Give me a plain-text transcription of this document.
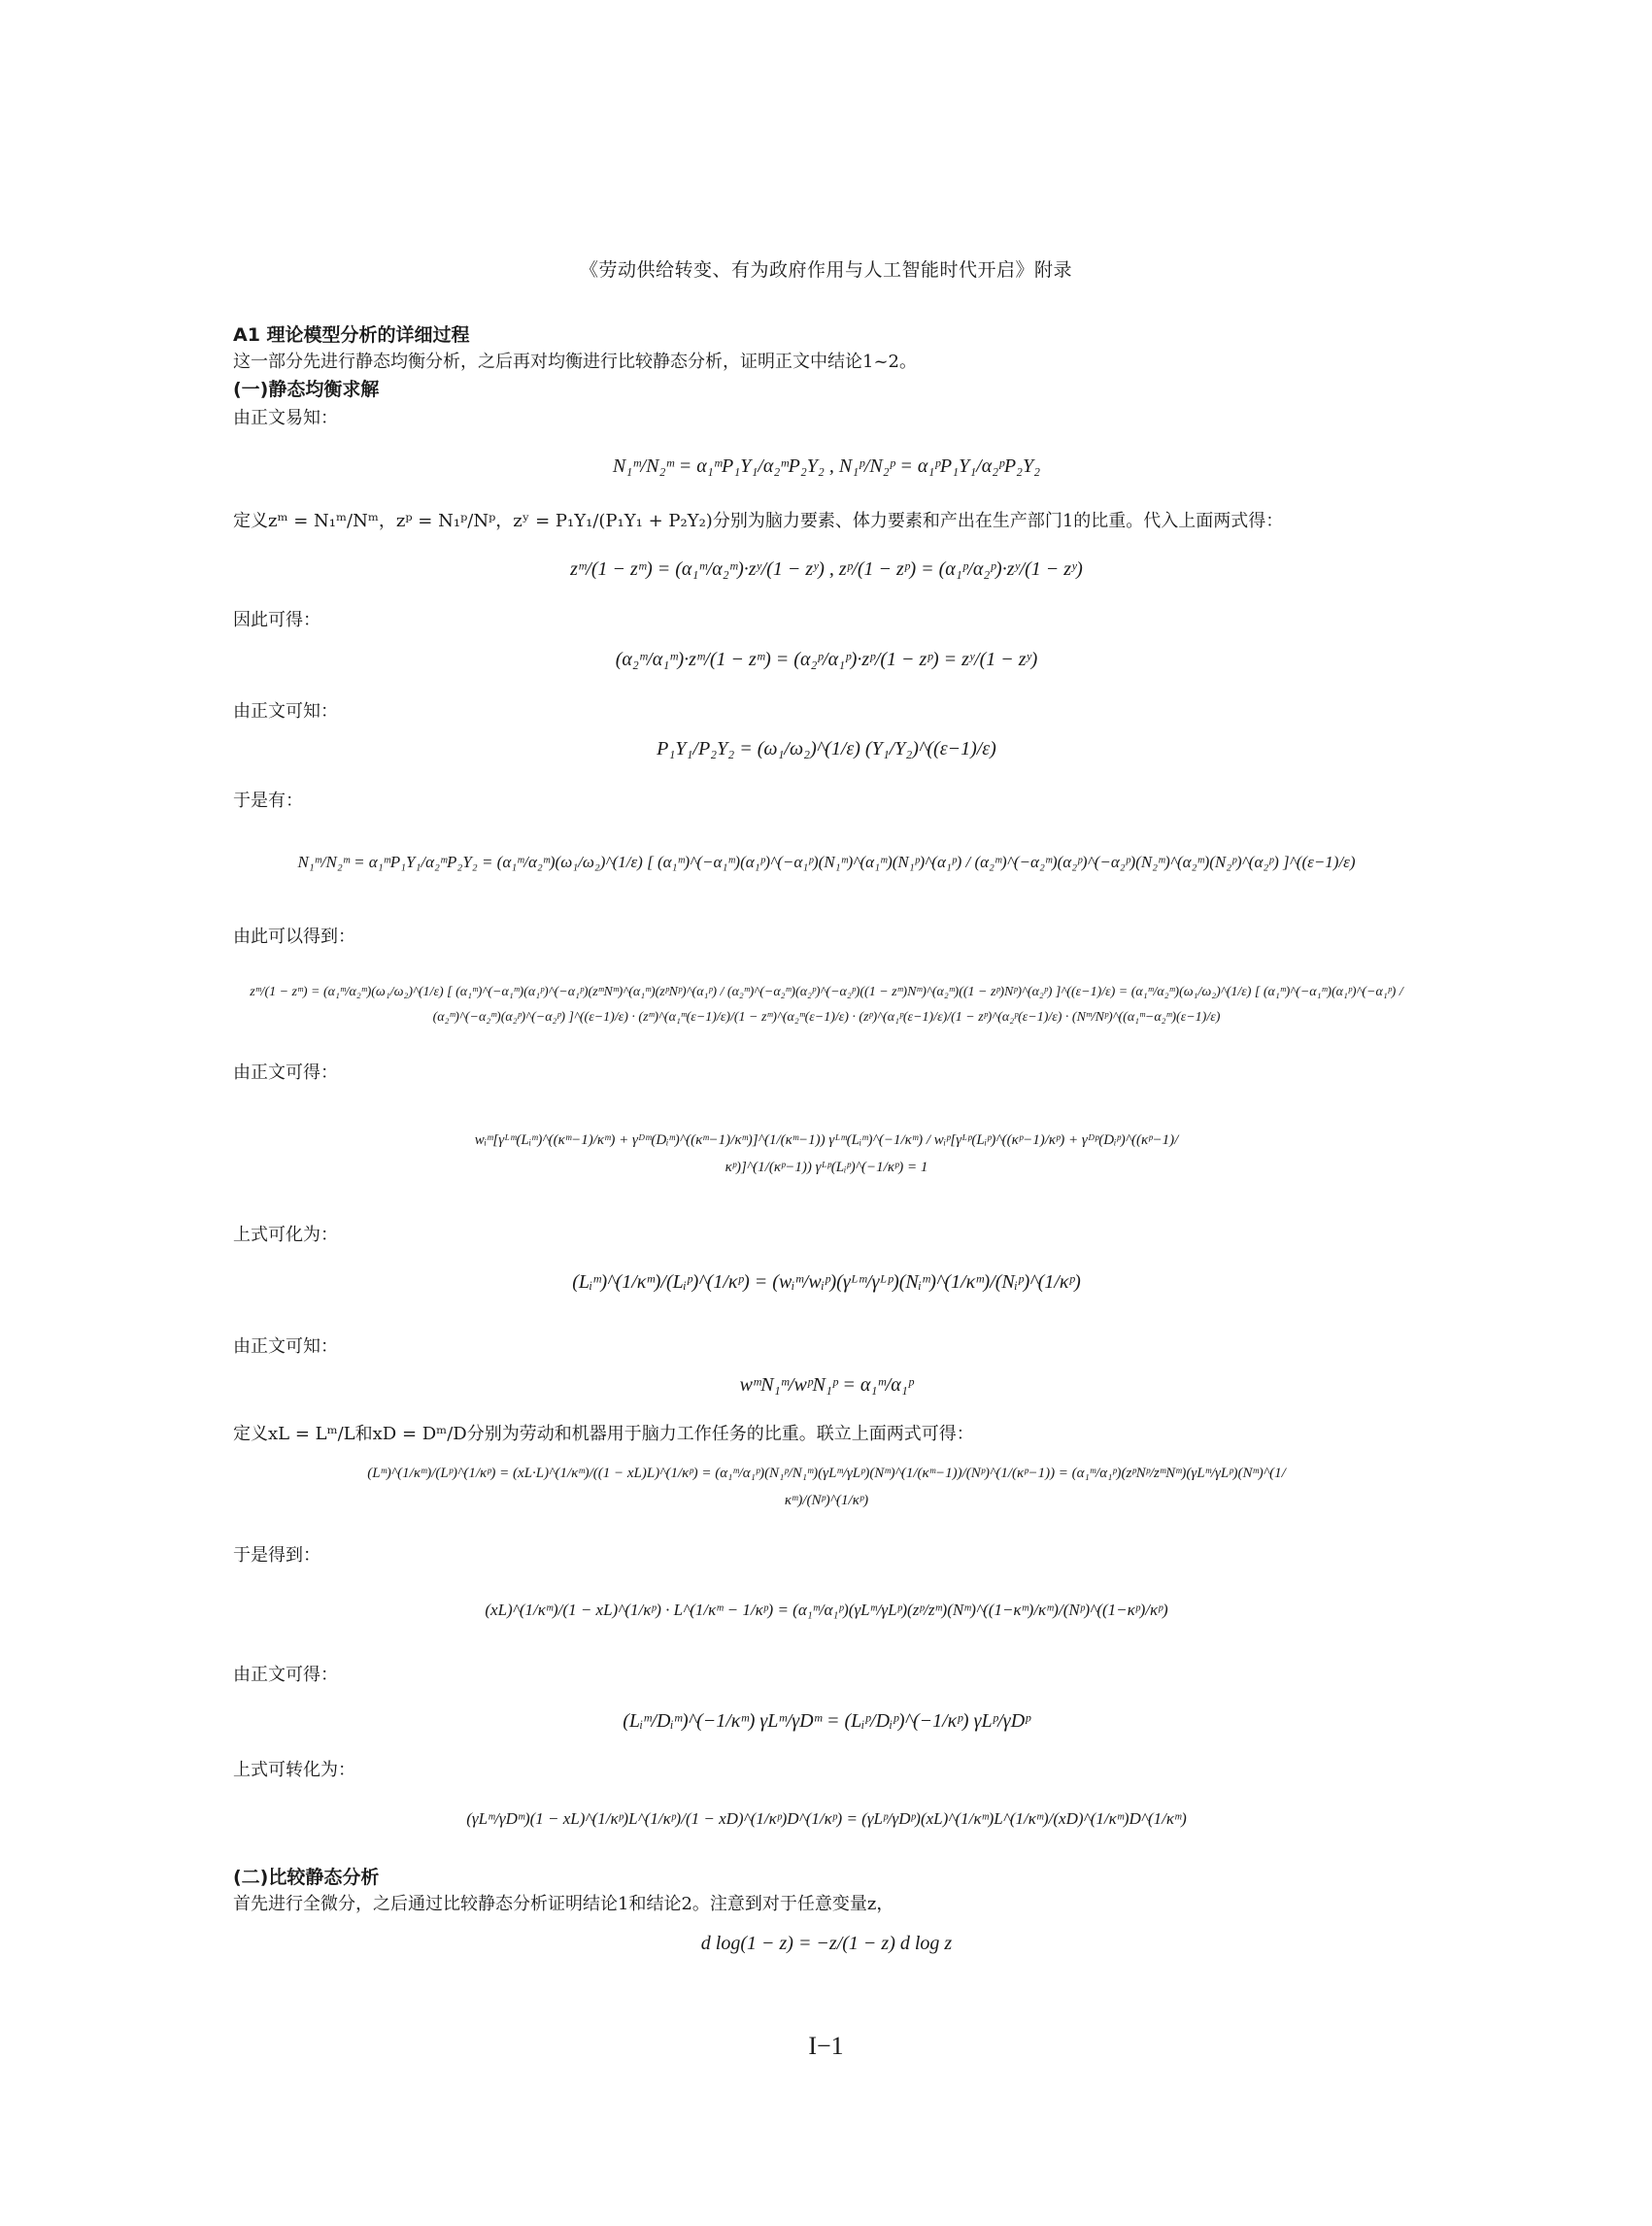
《劳动供给转变、有为政府作用与人工智能时代开启》附录
A1 理论模型分析的详细过程
这一部分先进行静态均衡分析，之后再对均衡进行比较静态分析，证明正文中结论1~2。
(一)静态均衡求解
由正文易知：
N₁ᵐ/N₂ᵐ = α₁ᵐP₁Y₁/α₂ᵐP₂Y₂ , N₁ᵖ/N₂ᵖ = α₁ᵖP₁Y₁/α₂ᵖP₂Y₂
定义zᵐ = N₁ᵐ/Nᵐ，zᵖ = N₁ᵖ/Nᵖ，zʸ = P₁Y₁/(P₁Y₁ + P₂Y₂)分别为脑力要素、体力要素和产出在生产部门1的比重。代入上面两式得：
zᵐ/(1 − zᵐ) = (α₁ᵐ/α₂ᵐ)·zʸ/(1 − zʸ) , zᵖ/(1 − zᵖ) = (α₁ᵖ/α₂ᵖ)·zʸ/(1 − zʸ)
因此可得：
(α₂ᵐ/α₁ᵐ)·zᵐ/(1 − zᵐ) = (α₂ᵖ/α₁ᵖ)·zᵖ/(1 − zᵖ) = zʸ/(1 − zʸ)
由正文可知：
P₁Y₁/P₂Y₂ = (ω₁/ω₂)^(1/ε) (Y₁/Y₂)^((ε−1)/ε)
于是有：
N₁ᵐ/N₂ᵐ = α₁ᵐP₁Y₁/α₂ᵐP₂Y₂ = (α₁ᵐ/α₂ᵐ)(ω₁/ω₂)^(1/ε) [ (α₁ᵐ)^(−α₁ᵐ)(α₁ᵖ)^(−α₁ᵖ)(N₁ᵐ)^(α₁ᵐ)(N₁ᵖ)^(α₁ᵖ) / (α₂ᵐ)^(−α₂ᵐ)(α₂ᵖ)^(−α₂ᵖ)(N₂ᵐ)^(α₂ᵐ)(N₂ᵖ)^(α₂ᵖ) ]^((ε−1)/ε)
由此可以得到：
zᵐ/(1 − zᵐ) = (α₁ᵐ/α₂ᵐ)(ω₁/ω₂)^(1/ε) [ (α₁ᵐ)^(−α₁ᵐ)(α₁ᵖ)^(−α₁ᵖ)(zᵐNᵐ)^(α₁ᵐ)(zᵖNᵖ)^(α₁ᵖ) / (α₂ᵐ)^(−α₂ᵐ)(α₂ᵖ)^(−α₂ᵖ)((1 − zᵐ)Nᵐ)^(α₂ᵐ)((1 − zᵖ)Nᵖ)^(α₂ᵖ) ]^((ε−1)/ε) = (α₁ᵐ/α₂ᵐ)(ω₁/ω₂)^(1/ε) [ (α₁ᵐ)^(−α₁ᵐ)(α₁ᵖ)^(−α₁ᵖ) / (α₂ᵐ)^(−α₂ᵐ)(α₂ᵖ)^(−α₂ᵖ) ]^((ε−1)/ε) · (zᵐ)^(α₁ᵐ(ε−1)/ε)/(1 − zᵐ)^(α₂ᵐ(ε−1)/ε) · (zᵖ)^(α₁ᵖ(ε−1)/ε)/(1 − zᵖ)^(α₂ᵖ(ε−1)/ε) · (Nᵐ/Nᵖ)^((α₁ᵐ−α₂ᵐ)(ε−1)/ε)
由正文可得：
wᵢᵐ[γᴸᵐ(Lᵢᵐ)^((κᵐ−1)/κᵐ) + γᴰᵐ(Dᵢᵐ)^((κᵐ−1)/κᵐ)]^(1/(κᵐ−1)) γᴸᵐ(Lᵢᵐ)^(−1/κᵐ) / wᵢᵖ[γᴸᵖ(Lᵢᵖ)^((κᵖ−1)/κᵖ) + γᴰᵖ(Dᵢᵖ)^((κᵖ−1)/κᵖ)]^(1/(κᵖ−1)) γᴸᵖ(Lᵢᵖ)^(−1/κᵖ) = 1
上式可化为：
(Lᵢᵐ)^(1/κᵐ)/(Lᵢᵖ)^(1/κᵖ) = (wᵢᵐ/wᵢᵖ)(γᴸᵐ/γᴸᵖ)(Nᵢᵐ)^(1/κᵐ)/(Nᵢᵖ)^(1/κᵖ)
由正文可知：
wᵐN₁ᵐ/wᵖN₁ᵖ = α₁ᵐ/α₁ᵖ
定义xL = Lᵐ/L和xD = Dᵐ/D分别为劳动和机器用于脑力工作任务的比重。联立上面两式可得：
(Lᵐ)^(1/κᵐ)/(Lᵖ)^(1/κᵖ) = (xL·L)^(1/κᵐ)/((1 − xL)L)^(1/κᵖ) = (α₁ᵐ/α₁ᵖ)(N₁ᵖ/N₁ᵐ)(γLᵐ/γLᵖ)(Nᵐ)^(1/(κᵐ−1))/(Nᵖ)^(1/(κᵖ−1)) = (α₁ᵐ/α₁ᵖ)(zᵖNᵖ/zᵐNᵐ)(γLᵐ/γLᵖ)(Nᵐ)^(1/κᵐ)/(Nᵖ)^(1/κᵖ)
于是得到：
(xL)^(1/κᵐ)/(1 − xL)^(1/κᵖ) · L^(1/κᵐ − 1/κᵖ) = (α₁ᵐ/α₁ᵖ)(γLᵐ/γLᵖ)(zᵖ/zᵐ)(Nᵐ)^((1−κᵐ)/κᵐ)/(Nᵖ)^((1−κᵖ)/κᵖ)
由正文可得：
(Lᵢᵐ/Dᵢᵐ)^(−1/κᵐ) γLᵐ/γDᵐ = (Lᵢᵖ/Dᵢᵖ)^(−1/κᵖ) γLᵖ/γDᵖ
上式可转化为：
(γLᵐ/γDᵐ)(1 − xL)^(1/κᵖ)L^(1/κᵖ)/(1 − xD)^(1/κᵖ)D^(1/κᵖ) = (γLᵖ/γDᵖ)(xL)^(1/κᵐ)L^(1/κᵐ)/(xD)^(1/κᵐ)D^(1/κᵐ)
(二)比较静态分析
首先进行全微分，之后通过比较静态分析证明结论1和结论2。注意到对于任意变量z，
d log(1 − z) = −z/(1 − z) d log z
I−1
